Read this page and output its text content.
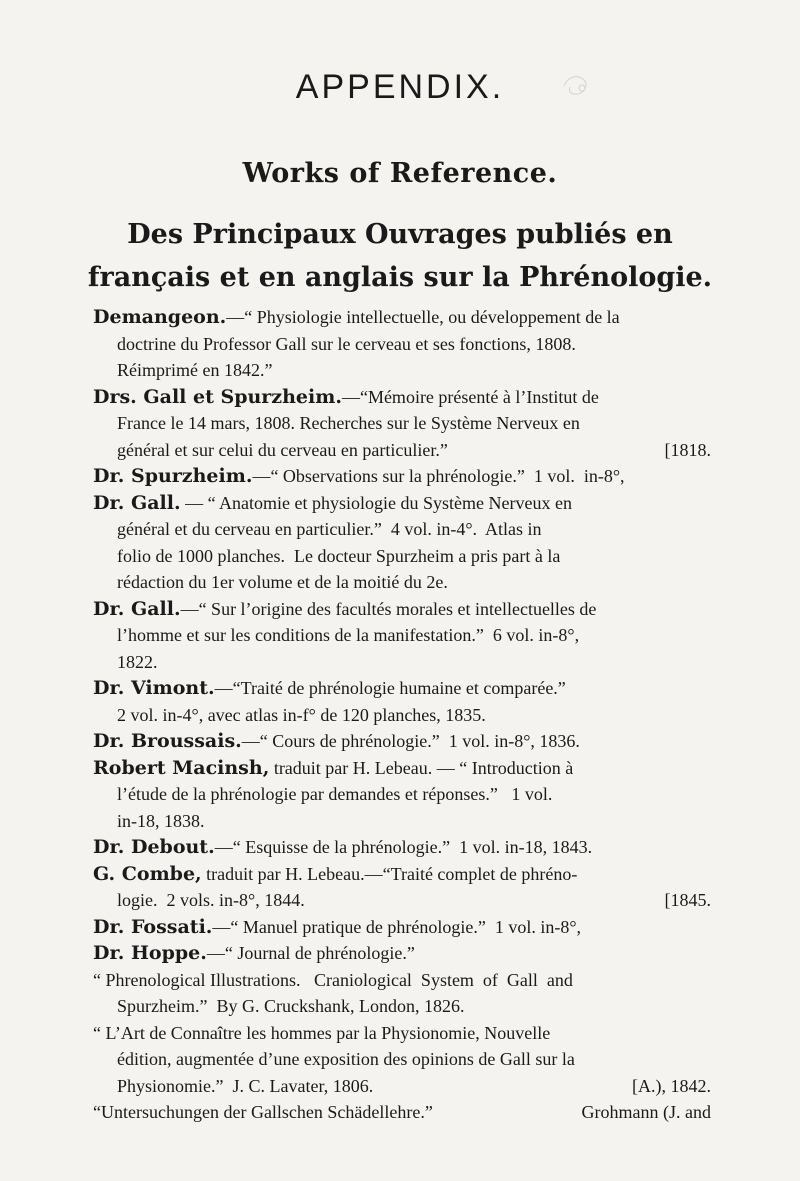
APPENDIX.
Works of Reference.
Des Principaux Ouvrages publiés en
français et en anglais sur la Phrénologie.
Demangeon.—“ Physiologie intellectuelle, ou développement de la
doctrine du Professor Gall sur le cerveau et ses fonctions, 1808.
Réimprimé en 1842.”
Drs. Gall et Spurzheim.—“Mémoire présenté à l’Institut de
France le 14 mars, 1808. Recherches sur le Système Nerveux en
général et sur celui du cerveau en particulier.”	[1818.
Dr. Spurzheim.—“ Observations sur la phrénologie.”  1 vol.  in-8°,
Dr. Gall. — “ Anatomie et physiologie du Système Nerveux en
général et du cerveau en particulier.”  4 vol. in-4°.  Atlas in
folio de 1000 planches.  Le docteur Spurzheim a pris part à la
rédaction du 1er volume et de la moitié du 2e.
Dr. Gall.—“ Sur l’origine des facultés morales et intellectuelles de
l’homme et sur les conditions de la manifestation.”  6 vol. in-8°,
1822.
Dr. Vimont.—“Traité de phrénologie humaine et comparée.”
2 vol. in-4°, avec atlas in-f° de 120 planches, 1835.
Dr. Broussais.—“ Cours de phrénologie.”  1 vol. in-8°, 1836.
Robert Macinsh, traduit par H. Lebeau. — “ Introduction à
l’étude de la phrénologie par demandes et réponses.”   1 vol.
in-18, 1838.
Dr. Debout.—“ Esquisse de la phrénologie.”  1 vol. in-18, 1843.
G. Combe, traduit par H. Lebeau.—“Traité complet de phréno-
logie.  2 vols. in-8°, 1844.	[1845.
Dr. Fossati.—“ Manuel pratique de phrénologie.”  1 vol. in-8°,
Dr. Hoppe.—“ Journal de phrénologie.”
“ Phrenological Illustrations.   Craniological  System  of  Gall  and
Spurzheim.”  By G. Cruckshank, London, 1826.
“ L’Art de Connaître les hommes par la Physionomie, Nouvelle
édition, augmentée d’une exposition des opinions de Gall sur la
Physionomie.”  J. C. Lavater, 1806.	[A.), 1842.
“Untersuchungen der Gallschen Schädellehre.”	Grohmann (J. and
